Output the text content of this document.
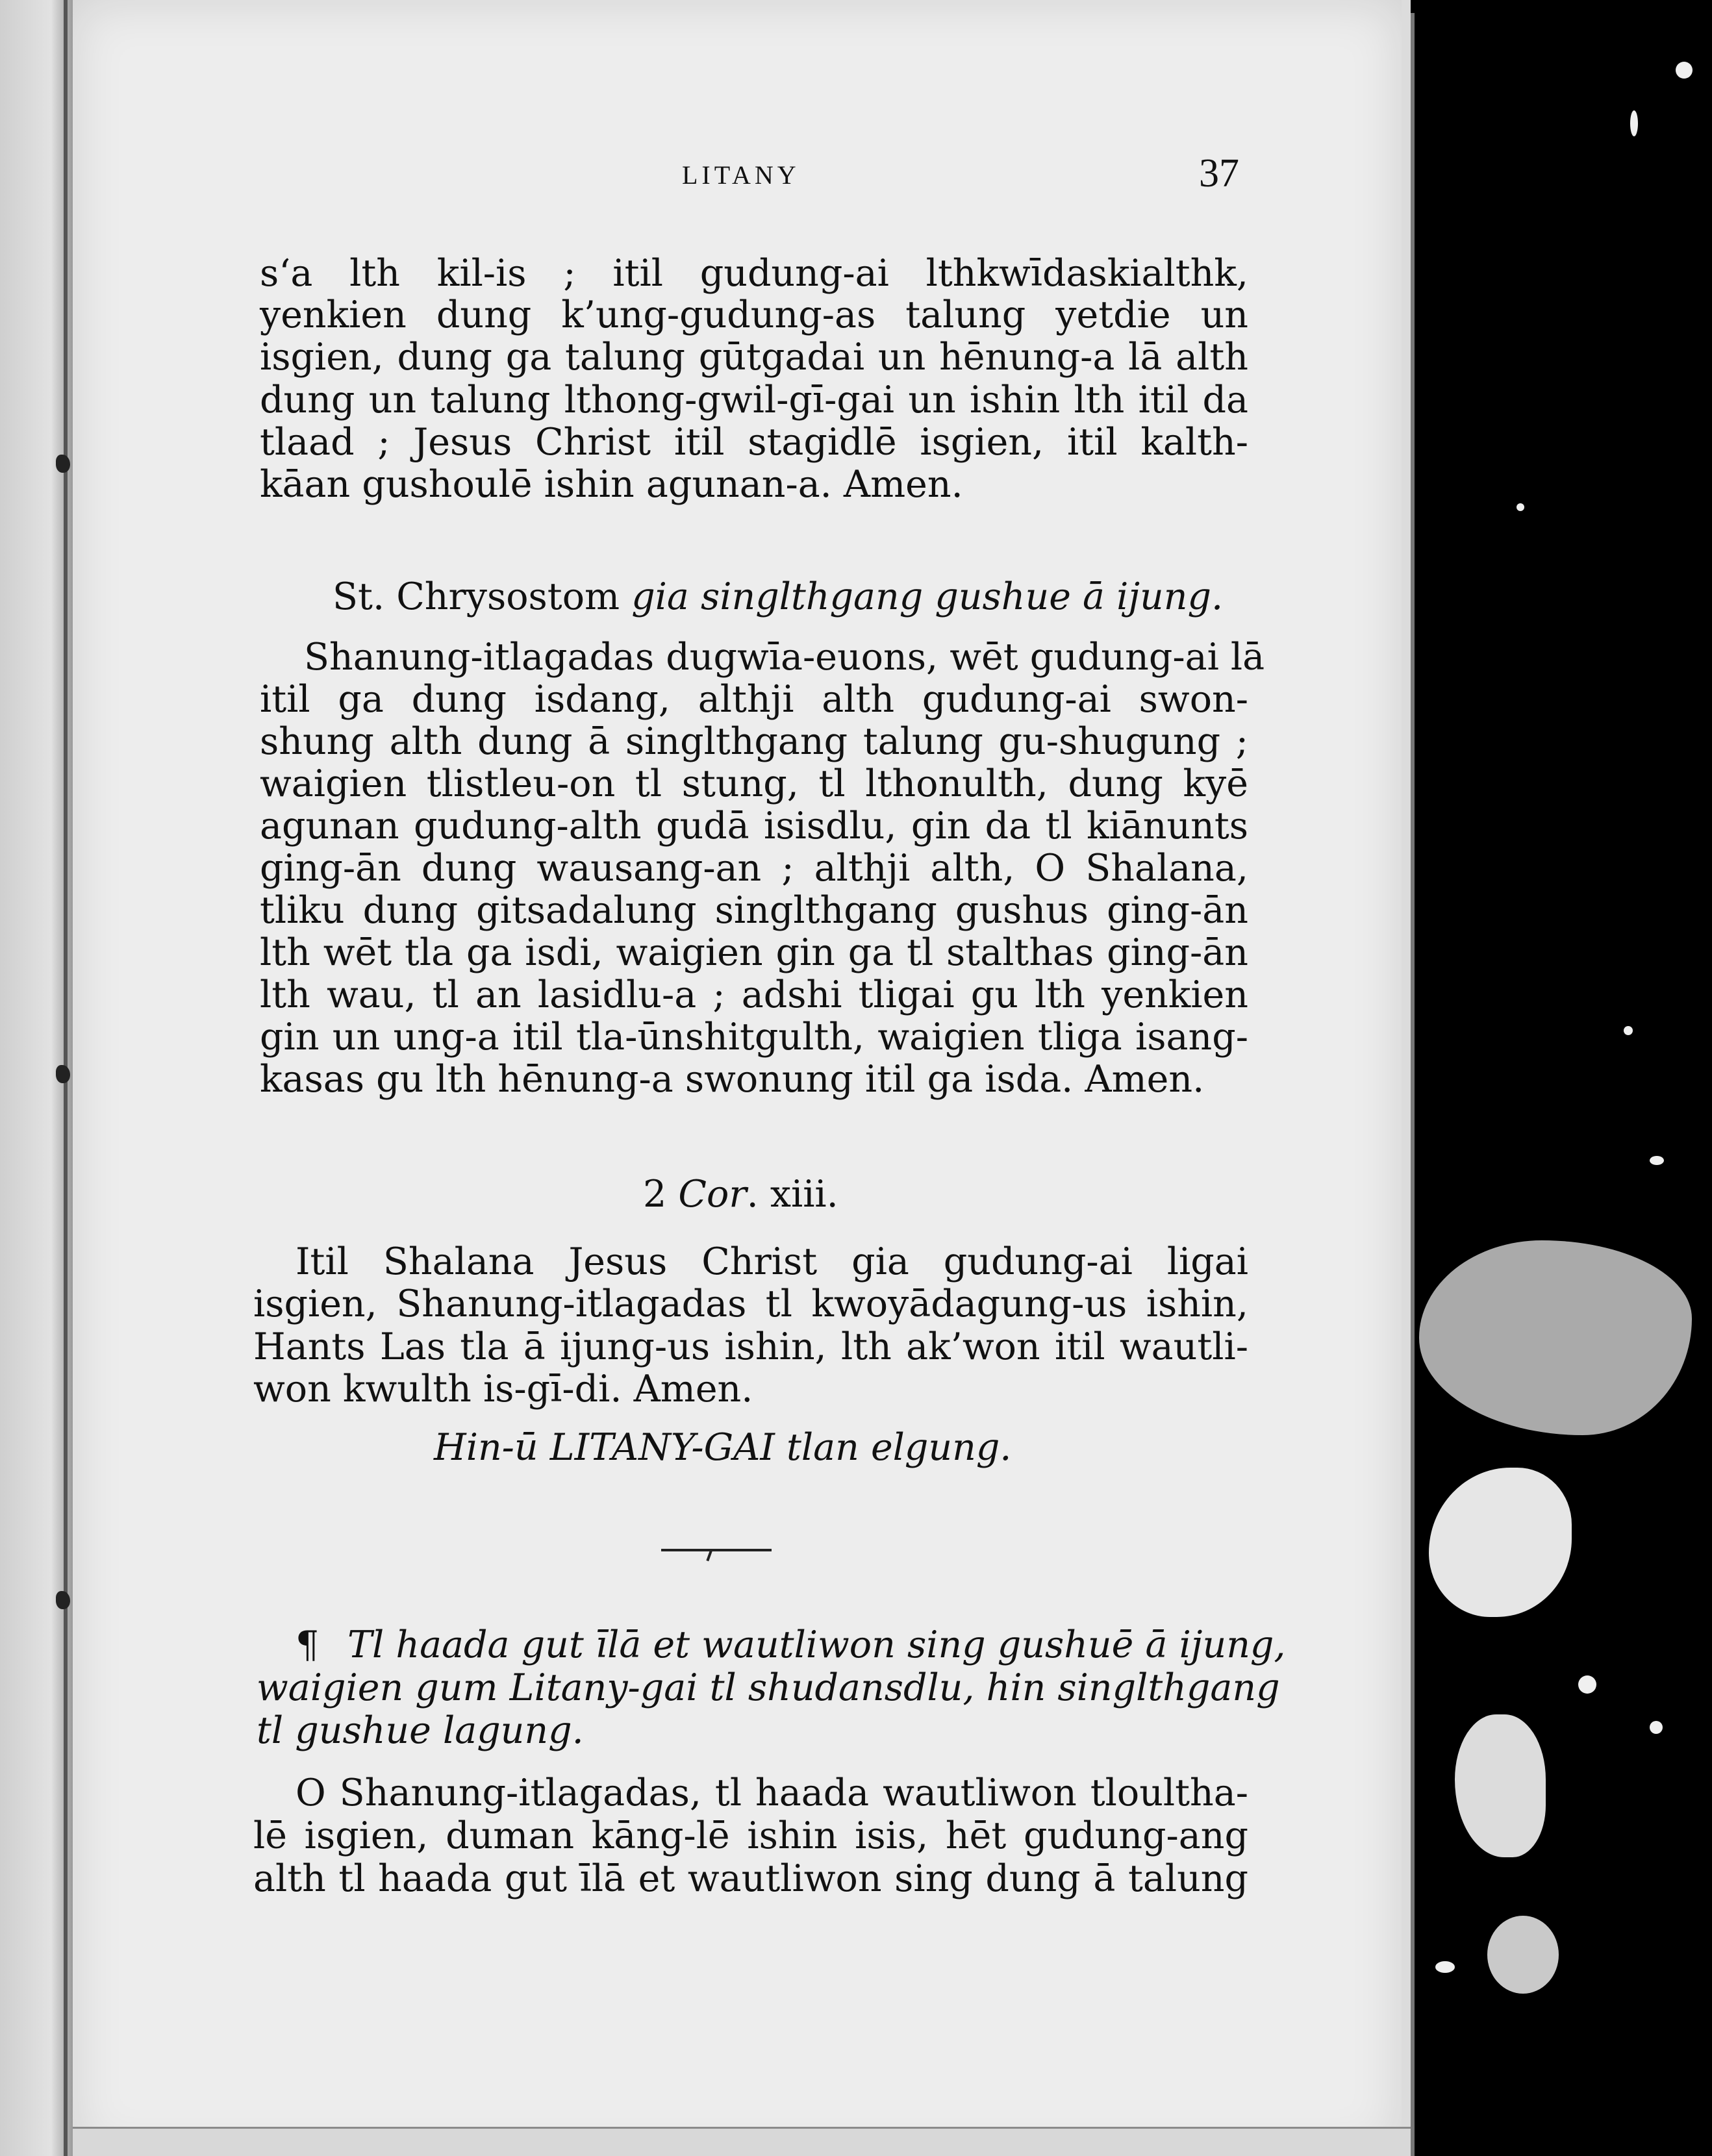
LITANY	37
s‘a lth kil-is ; itil gudung-ai lthkwīdaskialthk,
yenkien dung k’ung-gudung-as talung yetdie un
isgien, dung ga talung gūtgadai un hēnung-a lā alth
dung un talung lthong-gwil-gī-gai un ishin lth itil da
tlaad ; Jesus Christ itil stagidlē isgien, itil kalth-
kāan gushoulē ishin agunan-a. Amen.
St. Chrysostom gia singlthgang gushue ā ijung.
Shanung-itlagadas dugwīa-euons, wēt gudung-ai lā
itil ga dung isdang, althji alth gudung-ai swon-
shung alth dung ā singlthgang talung gu-shugung ;
waigien tlistleu-on tl stung, tl lthonulth, dung kyē
agunan gudung-alth gudā isisdlu, gin da tl kiānunts
ging-ān dung wausang-an ; althji alth, O Shalana,
tliku dung gitsadalung singlthgang gushus ging-ān
lth wēt tla ga isdi, waigien gin ga tl stalthas ging-ān
lth wau, tl an lasidlu-a ; adshi tligai gu lth yenkien
gin un ung-a itil tla-ūnshitgulth, waigien tliga isang-
kasas gu lth hēnung-a swonung itil ga isda. Amen.
2 Cor. xiii.
Itil Shalana Jesus Christ gia gudung-ai ligai
isgien, Shanung-itlagadas tl kwoyādagung-us ishin,
Hants Las tla ā ijung-us ishin, lth ak’won itil wautli-
won kwulth is-gī-di. Amen.
Hin-ū LITANY-GAI tlan elgung.
¶ Tl haada gut īlā et wautliwon sing gushuē ā ijung,
waigien gum Litany-gai tl shudansdlu, hin singlthgang
tl gushue lagung.
O Shanung-itlagadas, tl haada wautliwon tloultha-
lē isgien, duman kāng-lē ishin isis, hēt gudung-ang
alth tl haada gut īlā et wautliwon sing dung ā talung
